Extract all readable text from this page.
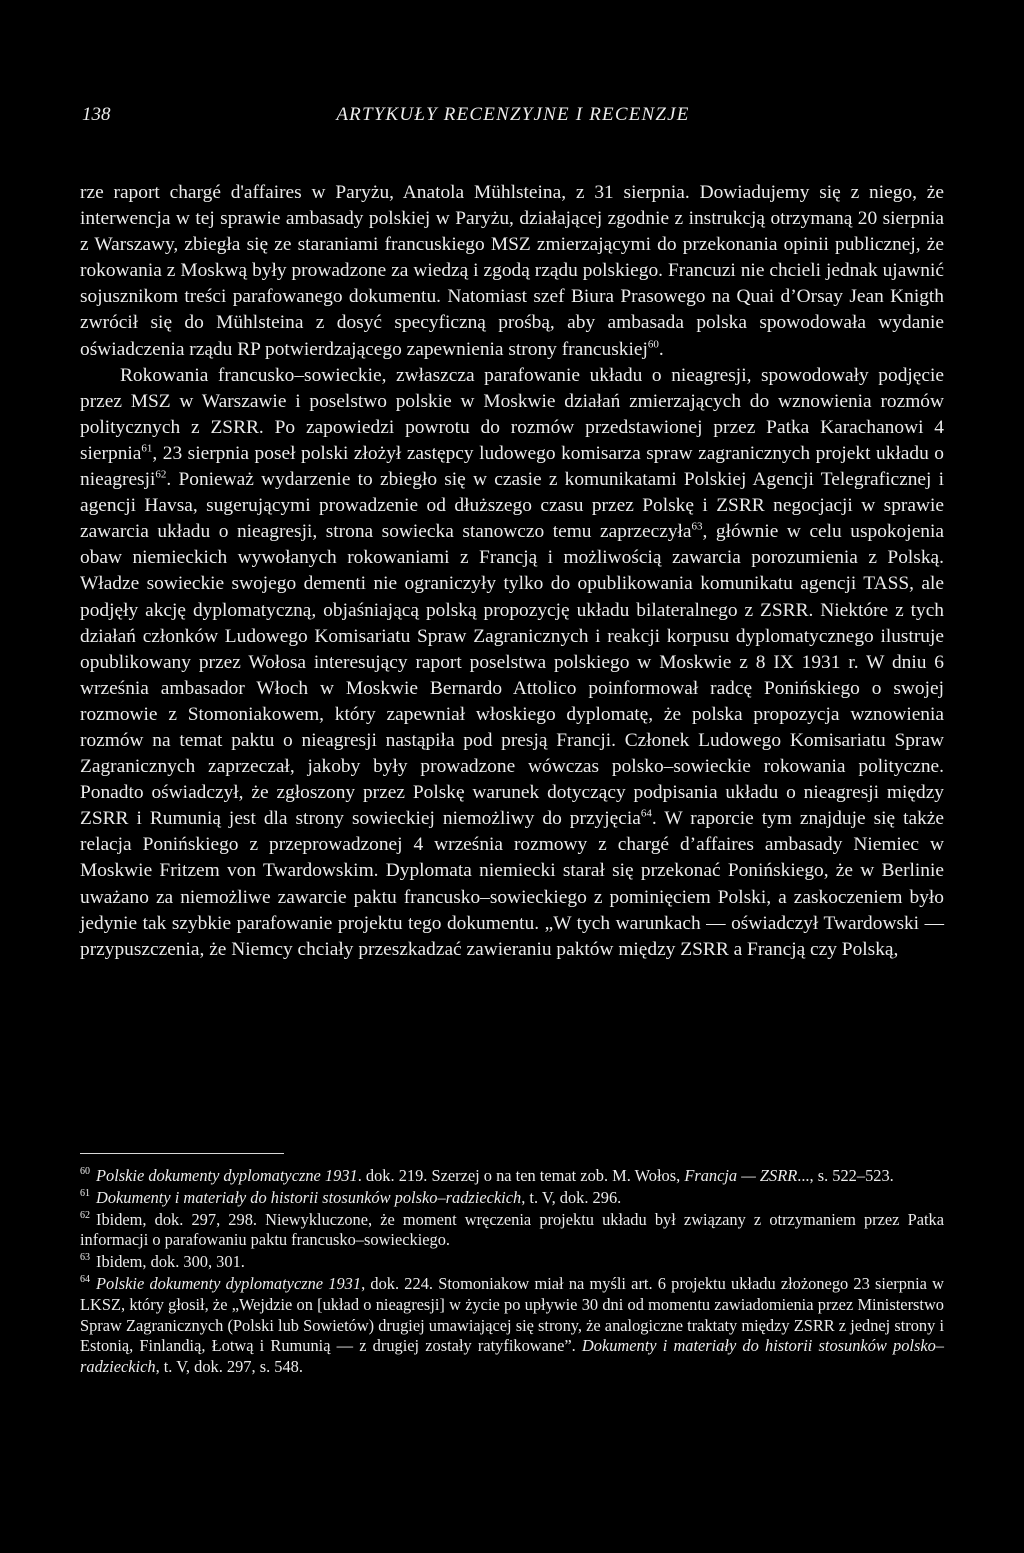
138	ARTYKUŁY RECENZYJNE I RECENZJE

rze raport chargé d'affaires w Paryżu, Anatola Mühlsteina, z 31 sierpnia. Dowiadujemy się z niego, że interwencja w tej sprawie ambasady polskiej w Paryżu, działającej zgodnie z instrukcją otrzymaną 20 sierpnia z Warszawy, zbiegła się ze staraniami francuskiego MSZ zmierzającymi do przekonania opinii publicznej, że rokowania z Moskwą były prowadzone za wiedzą i zgodą rządu polskiego. Francuzi nie chcieli jednak ujawnić sojusznikom treści parafowanego dokumentu. Natomiast szef Biura Prasowego na Quai d’Orsay Jean Knigth zwrócił się do Mühlsteina z dosyć specyficzną prośbą, aby ambasada polska spowodowała wydanie oświadczenia rządu RP potwierdzającego zapewnienia strony francuskiej$^{60}$.

Rokowania francusko–sowieckie, zwłaszcza parafowanie układu o nieagresji, spowodowały podjęcie przez MSZ w Warszawie i poselstwo polskie w Moskwie działań zmierzających do wznowienia rozmów politycznych z ZSRR. Po zapowiedzi powrotu do rozmów przedstawionej przez Patka Karachanowi 4 sierpnia$^{61}$, 23 sierpnia poseł polski złożył zastępcy ludowego komisarza spraw zagranicznych projekt układu o nieagresji$^{62}$. Ponieważ wydarzenie to zbiegło się w czasie z komunikatami Polskiej Agencji Telegraficznej i agencji Havsa, sugerującymi prowadzenie od dłuższego czasu przez Polskę i ZSRR negocjacji w sprawie zawarcia układu o nieagresji, strona sowiecka stanowczo temu zaprzeczyła$^{63}$, głównie w celu uspokojenia obaw niemieckich wywołanych rokowaniami z Francją i możliwością zawarcia porozumienia z Polską. Władze sowieckie swojego dementi nie ograniczyły tylko do opublikowania komunikatu agencji TASS, ale podjęły akcję dyplomatyczną, objaśniającą polską propozycję układu bilateralnego z ZSRR. Niektóre z tych działań członków Ludowego Komisariatu Spraw Zagranicznych i reakcji korpusu dyplomatycznego ilustruje opublikowany przez Wołosa interesujący raport poselstwa polskiego w Moskwie z 8 IX 1931 r. W dniu 6 września ambasador Włoch w Moskwie Bernardo Attolico poinformował radcę Ponińskiego o swojej rozmowie z Stomoniakowem, który zapewniał włoskiego dyplomatę, że polska propozycja wznowienia rozmów na temat paktu o nieagresji nastąpiła pod presją Francji. Członek Ludowego Komisariatu Spraw Zagranicznych zaprzeczał, jakoby były prowadzone wówczas polsko–sowieckie rokowania polityczne. Ponadto oświadczył, że zgłoszony przez Polskę warunek dotyczący podpisania układu o nieagresji między ZSRR i Rumunią jest dla strony sowieckiej niemożliwy do przyjęcia$^{64}$. W raporcie tym znajduje się także relacja Ponińskiego z przeprowadzonej 4 września rozmowy z chargé d’affaires ambasady Niemiec w Moskwie Fritzem von Twardowskim. Dyplomata niemiecki starał się przekonać Ponińskiego, że w Berlinie uważano za niemożliwe zawarcie paktu francusko–sowieckiego z pominięciem Polski, a zaskoczeniem było jedynie tak szybkie parafowanie projektu tego dokumentu. „W tych warunkach — oświadczył Twardowski — przypuszczenia, że Niemcy chciały przeszkadzać zawieraniu paktów między ZSRR a Francją czy Polską,

$^{60}$ Polskie dokumenty dyplomatyczne 1931. dok. 219. Szerzej o na ten temat zob. M. Wołos, Francja — ZSRR..., s. 522–523.

$^{61}$ Dokumenty i materiały do historii stosunków polsko–radzieckich, t. V, dok. 296.

$^{62}$ Ibidem, dok. 297, 298. Niewykluczone, że moment wręczenia projektu układu był związany z otrzymaniem przez Patka informacji o parafowaniu paktu francusko–sowieckiego.

$^{63}$ Ibidem, dok. 300, 301.

$^{64}$ Polskie dokumenty dyplomatyczne 1931, dok. 224. Stomoniakow miał na myśli art. 6 projektu układu złożonego 23 sierpnia w LKSZ, który głosił, że „Wejdzie on [układ o nieagresji] w życie po upływie 30 dni od momentu zawiadomienia przez Ministerstwo Spraw Zagranicznych (Polski lub Sowietów) drugiej umawiającej się strony, że analogiczne traktaty między ZSRR z jednej strony i Estonią, Finlandią, Łotwą i Rumunią — z drugiej zostały ratyfikowane”. Dokumenty i materiały do historii stosunków polsko–radzieckich, t. V, dok. 297, s. 548.
